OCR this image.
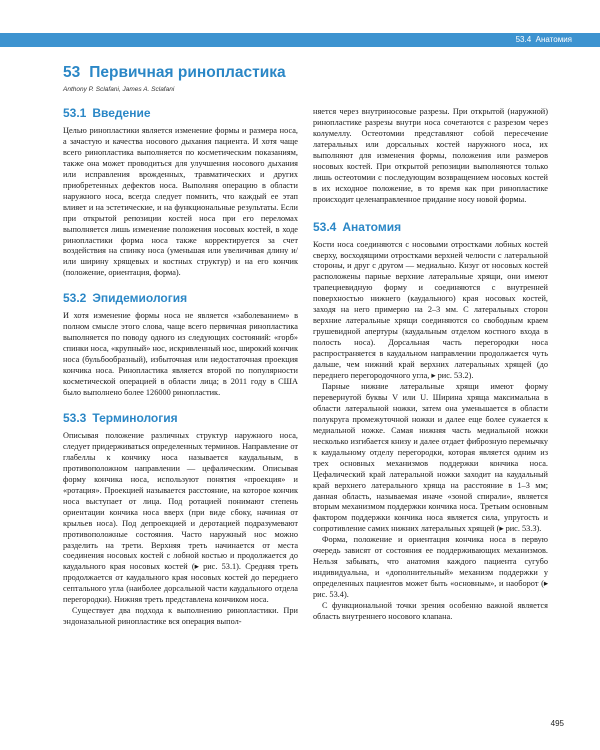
53.4 Анатомия
53 Первичная ринопластика
Anthony P. Sclafani, James A. Sclafani
53.1 Введение

Целью ринопластики является изменение формы и размера носа, а зачастую и качества носового дыхания пациента. И хотя чаще всего ринопластика выполняется по косметическим показаниям, также она может проводиться для улучшения носового дыхания или исправления врожденных, травматических и других приобретенных дефектов носа. Выполняя операцию в области наружного носа, всегда следует помнить, что каждый ее этап влияет и на эстетические, и на функциональные результаты. Если при открытой репозиции костей носа при его переломах выполняется лишь изменение положения носовых костей, в ходе ринопластики форма носа также корректируется за счет воздействия на спинку носа (уменьшая или увеличивая длину и/или ширину хрящевых и костных структур) и на его кончик (положение, ориентация, форма).

53.2 Эпидемиология

И хотя изменение формы носа не является «заболеванием» в полном смысле этого слова, чаще всего первичная ринопластика выполняется по поводу одного из следующих состояний: «горб» спинки носа, «крупный» нос, искривленный нос, широкий кончик носа (бульбообразный), избыточная или недостаточная проекция кончика носа. Ринопластика является второй по популярности косметической операцией в области лица; в 2011 году в США было выполнено более 126000 ринопластик.

53.3 Терминология

Описывая положение различных структур наружного носа, следует придерживаться определенных терминов. Направление от глабеллы к кончику носа называется каудальным, в противоположном направлении — цефалическим. Описывая форму кончика носа, используют понятия «проекция» и «ротация». Проекцией называется расстояние, на которое кончик носа выступает от лица. Под ротацией понимают степень ориентации кончика носа вверх (при виде сбоку, начиная от крыльев носа). Под депроекцией и деротацией подразумевают противоположные состояния. Часто наружный нос можно разделить на трети. Верхняя треть начинается от места соединения носовых костей с лобной костью и продолжается до каудального края носовых костей (▸ рис. 53.1). Средняя треть продолжается от каудального края носовых костей до переднего септального угла (наиболее дорсальной части каудального отдела перегородки). Нижняя треть представлена кончиком носа.

Существует два подхода к выполнению ринопластики. При эндоназальной ринопластике вся операция выпол-

няется через внутриносовые разрезы. При открытой (наружной) ринопластике разрезы внутри носа сочетаются с разрезом через колумеллу. Остеотомии представляют собой пересечение латеральных или дорсальных костей наружного носа, их выполняют для изменения формы, положения или размеров носовых костей. При открытой репозиции выполняются только лишь остеотомии с последующим возвращением носовых костей в их исходное положение, в то время как при ринопластике происходит целенаправленное придание носу новой формы.

53.4 Анатомия

Кости носа соединяются с носовыми отростками лобных костей сверху, восходящими отростками верхней челюсти с латеральной стороны, и друг с другом — медиально. Кнзуг от носовых костей расположены парные верхние латеральные хрящи, они имеют трапециевидную форму и соединяются с внутренней поверхностью нижнего (каудального) края носовых костей, заходя на него примерно на 2–3 мм. С латеральных сторон верхние латеральные хрящи соединяются со свободным краем грушевидной апертуры (каудальным отделом костного входа в полость носа). Дорсальная часть перегородки носа распространяется в каудальном направлении продолжается чуть дальше, чем нижний край верхних латеральных хрящей (до переднего перегородочного угла, ▸ рис. 53.2).

Парные нижние латеральные хрящи имеют форму перевернутой буквы V или U. Ширина хряща максимальна в области латеральной ножки, затем она уменьшается в области полукруга промежуточной ножки и далее еще более сужается к медиальной ножке. Самая нижняя часть медиальной ножки несколько изгибается книзу и далее отдает фиброзную перемычку к каудальному отделу перегородки, которая является одним из трех основных механизмов поддержки кончика носа. Цефалический край латеральной ножки заходит на каудальный край верхнего латерального хряща на расстояние в 1–3 мм; данная область, называемая иначе «зоной спирали», является вторым механизмом поддержки кончика носа. Третьим основным фактором поддержки кончика носа является сила, упругость и сопротивление самих нижних латеральных хрящей (▸ рис. 53.3).

Форма, положение и ориентация кончика носа в первую очередь зависят от состояния ее поддерживающих механизмов. Нельзя забывать, что анатомия каждого пациента сугубо индивидуальна, и «дополнительный» механизм поддержки у определенных пациентов может быть «основным», и наоборот (▸ рис. 53.4).

С функциональной точки зрения особенно важной является область внутреннего носового клапана.

495
